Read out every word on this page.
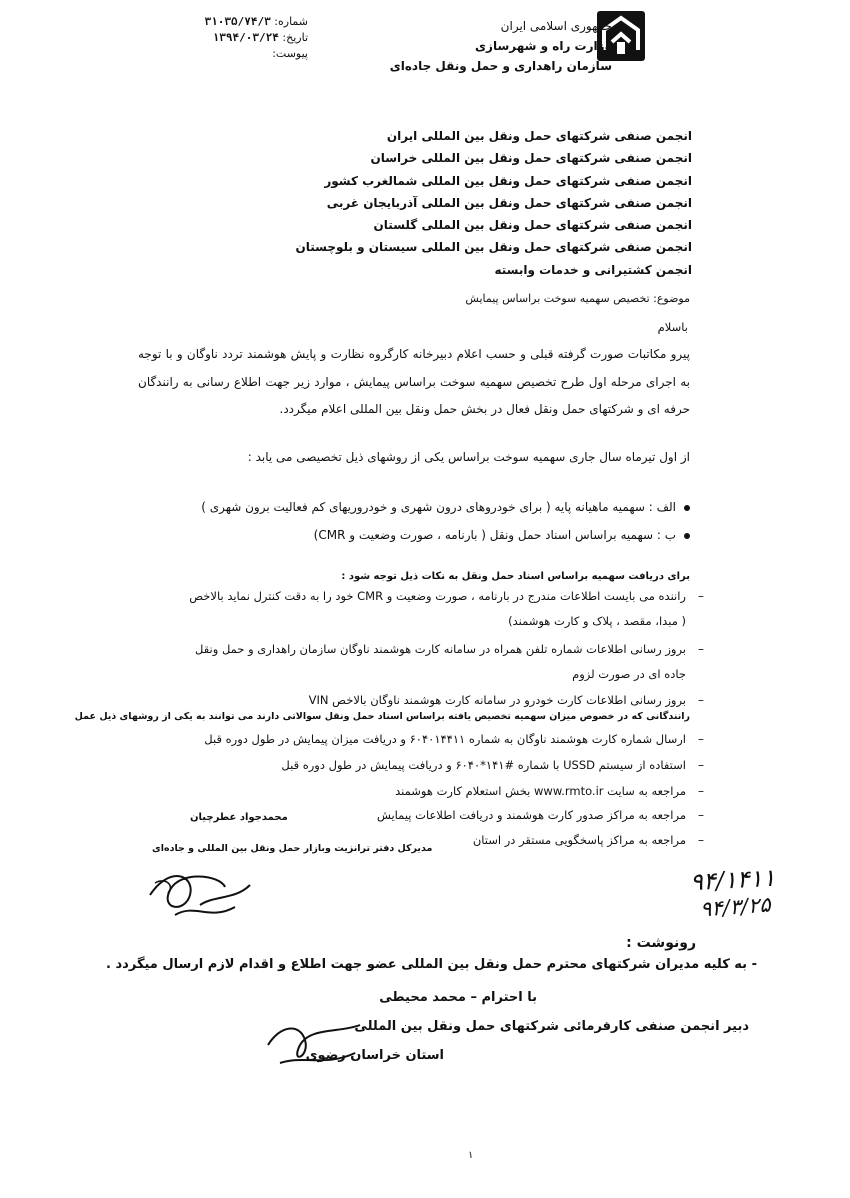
جمهوری اسلامی ایران
وزارت راه و شهرسازی
سازمان راهداری و حمل ونقل جاده‌ای
شماره: ۳۱۰۳۵/۷۴/۳
تاریخ: ۱۳۹۴/۰۳/۲۴
پیوست:
انجمن صنفی شرکتهای حمل ونقل بین المللی ایران
انجمن صنفی شرکتهای حمل ونقل بین المللی خراسان
انجمن صنفی شرکتهای حمل ونقل بین المللی شمالغرب کشور
انجمن صنفی شرکتهای حمل ونقل بین المللی آذربایجان غربی
انجمن صنفی شرکتهای حمل ونقل بین المللی گلستان
انجمن صنفی شرکتهای حمل ونقل بین المللی سیستان و بلوچستان
انجمن کشتیرانی و خدمات وابسته
موضوع: تخصیص سهمیه سوخت براساس پیمایش
باسلام
پیرو مکاتبات صورت گرفته قبلی و حسب اعلام دبیرخانه کارگروه نظارت و پایش هوشمند تردد ناوگان و با توجه به اجرای مرحله اول طرح تخصیص سهمیه سوخت براساس پیمایش ، موارد زیر جهت اطلاع رسانی به رانندگان حرفه ای و شرکتهای حمل ونقل فعال در بخش حمل ونقل بین المللی اعلام میگردد.
از اول تیرماه سال جاری سهمیه سوخت براساس یکی از روشهای ذیل تخصیصی می یابد :
الف : سهمیه ماهیانه پایه ( برای خودروهای درون شهری و خودروریهای کم فعالیت برون شهری )
ب : سهمیه براساس اسناد حمل ونقل ( بارنامه ، صورت وضعیت و CMR)
برای دریافت سهمیه براساس اسناد حمل ونقل به نکات ذیل توجه شود :
–
راننده می بایست اطلاعات مندرج در بارنامه ، صورت وضعیت و CMR خود را به دقت کنترل نماید بالاخص ( مبدا، مقصد ، پلاک و کارت هوشمند)
–
بروز رسانی اطلاعات شماره تلفن همراه در سامانه کارت هوشمند ناوگان سازمان راهداری و حمل ونقل جاده ای در صورت لزوم
–
بروز رسانی اطلاعات کارت خودرو در سامانه کارت هوشمند ناوگان بالاخص VIN
رانندگانی که در خصوص میزان سهمیه تخصیص یافته براساس اسناد حمل ونقل سوالاتی دارند می توانند به یکی از روشهای ذیل عمل
–
ارسال شماره کارت هوشمند ناوگان به شماره ۶۰۴۰۱۴۴۱۱ و دریافت میزان پیمایش در طول دوره قبل
–
استفاده از سیستم USSD با شماره #۱۴۱*۶۰۴۰ و دریافت پیمایش در طول دوره قبل
–
مراجعه به سایت www.rmto.ir بخش استعلام کارت هوشمند
–
مراجعه به مراکز صدور کارت هوشمند و دریافت اطلاعات پیمایش
–
مراجعه به مراکز پاسخگویی مستقر در استان
محمدجواد عطرچیان
مدیرکل دفتر ترانزیت وبازار حمل ونقل بین المللی و جاده‌ای
۹۴/۱۴۱۱
۹۴/۳/۲۵
رونوشت :
- به کلیه مدیران شرکتهای محترم حمل ونقل بین المللی عضو جهت اطلاع و اقدام لازم ارسال میگردد .
با احترام – محمد محیطی
دبیر انجمن صنفی کارفرمائی شرکتهای حمل ونقل بین المللی
استان خراسان رضوی
۱
